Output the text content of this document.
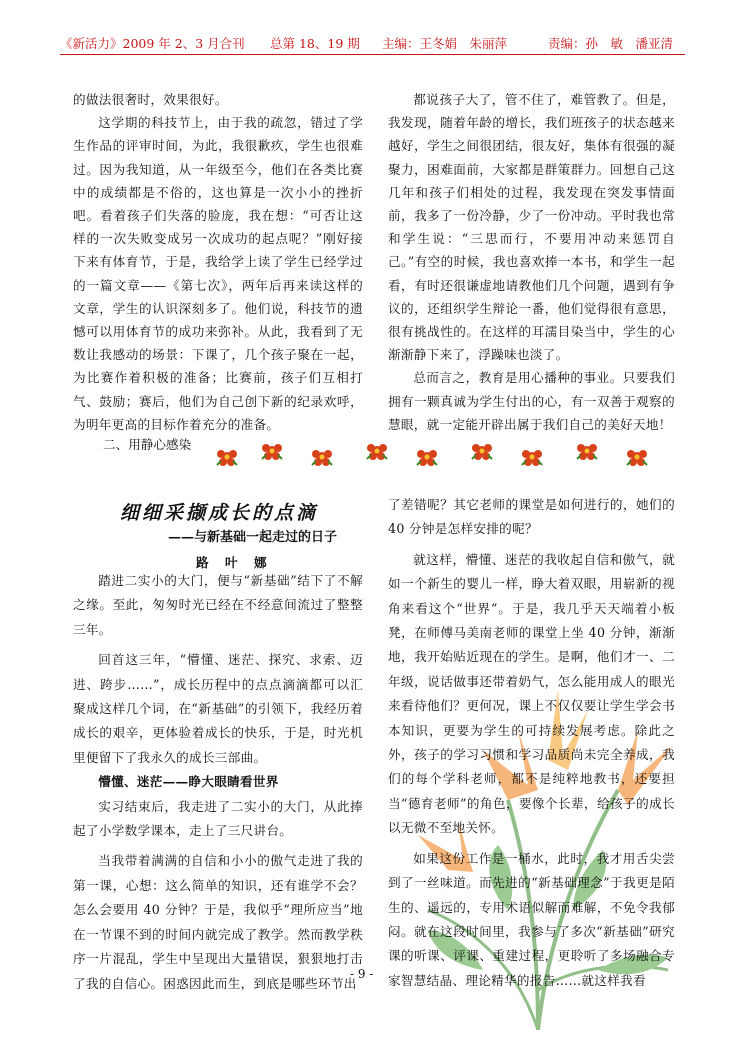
《新活力》2009 年 2、3 月合刊 总第 18、19 期 主编：王冬娟　朱丽萍	责编：孙　敏　潘亚清

的做法很奢时，效果很好。

这学期的科技节上，由于我的疏忽，错过了学生作品的评审时间，为此，我很歉疚，学生也很难过。因为我知道，从一年级至今，他们在各类比赛中的成绩都是不俗的，这也算是一次小小的挫折吧。看着孩子们失落的脸庞，我在想：“可否让这样的一次失败变成另一次成功的起点呢？”刚好接下来有体育节，于是，我给学上读了学生已经学过的一篇文章——《第七次》，两年后再来读这样的文章，学生的认识深刻多了。他们说，科技节的遗憾可以用体育节的成功来弥补。从此，我看到了无数让我感动的场景：下课了，几个孩子聚在一起，为比赛作着积极的准备；比赛前，孩子们互相打气、鼓励；赛后，他们为自己创下新的纪录欢呼，为明年更高的目标作着充分的准备。

都说孩子大了，管不住了，难管教了。但是，我发现，随着年龄的增长，我们班孩子的状态越来越好，学生之间很团结，很友好，集体有很强的凝聚力，困难面前，大家都是群策群力。回想自己这几年和孩子们相处的过程，我发现在突发事情面前，我多了一份冷静，少了一份冲动。平时我也常和学生说：“三思而行，不要用冲动来惩罚自己。”有空的时候，我也喜欢捧一本书，和学生一起看，有时还很谦虚地请教他们几个问题，遇到有争议的，还组织学生辩论一番，他们觉得很有意思，很有挑战性的。在这样的耳濡目染当中，学生的心渐渐静下来了，浮躁味也淡了。

总而言之，教育是用心播种的事业。只要我们拥有一颗真诚为学生付出的心，有一双善于观察的慧眼，就一定能开辟出属于我们自己的美好天地！

二、用静心感染
细细采撷成长的点滴
——与新基础一起走过的日子
路 叶 娜

踏进二实小的大门，便与“新基础”结下了不解之缘。至此，匆匆时光已经在不经意间流过了整整三年。

回首这三年，“懵懂、迷茫、探究、求索、迈进、跨步……”，成长历程中的点点滴滴都可以汇聚成这样几个词，在“新基础”的引领下，我经历着成长的艰辛，更体验着成长的快乐，于是，时光机里便留下了我永久的成长三部曲。

懵懂、迷茫——睁大眼睛看世界

实习结束后，我走进了二实小的大门，从此捧起了小学数学课本，走上了三尺讲台。

当我带着满满的自信和小小的傲气走进了我的第一课，心想：这么简单的知识，还有谁学不会？怎么会要用 40 分钟？于是，我似乎“理所应当”地在一节课不到的时间内就完成了教学。然而教学秩序一片混乱，学生中呈现出大量错误，狠狠地打击了我的自信心。困惑因此而生，到底是哪些环节出

了差错呢？其它老师的课堂是如何进行的，她们的 40 分钟是怎样安排的呢？

就这样，懵懂、迷茫的我收起自信和傲气，就如一个新生的婴儿一样，睁大着双眼，用崭新的视角来看这个“世界”。于是，我几乎天天端着小板凳，在师傅马美南老师的课堂上坐 40 分钟，渐渐地，我开始贴近现在的学生。是啊，他们才一、二年级，说话做事还带着奶气，怎么能用成人的眼光来看待他们？更何况，课上不仅仅要让学生学会书本知识，更要为学生的可持续发展考虑。除此之外，孩子的学习习惯和学习品质尚未完全养成，我们的每个学科老师，都不是纯粹地教书，还要担当“德育老师”的角色，要像个长辈，给孩子的成长以无微不至地关怀。

如果这份工作是一桶水，此时，我才用舌尖尝到了一丝味道。而先进的“新基础理念”于我更是陌生的、遥远的，专用术语似解而难解，不免令我郁闷。就在这段时间里，我参与了多次“新基础”研究课的听课、评课、重建过程，更聆听了多场融合专家智慧结晶、理论精华的报告……就这样我看

- 9 -
